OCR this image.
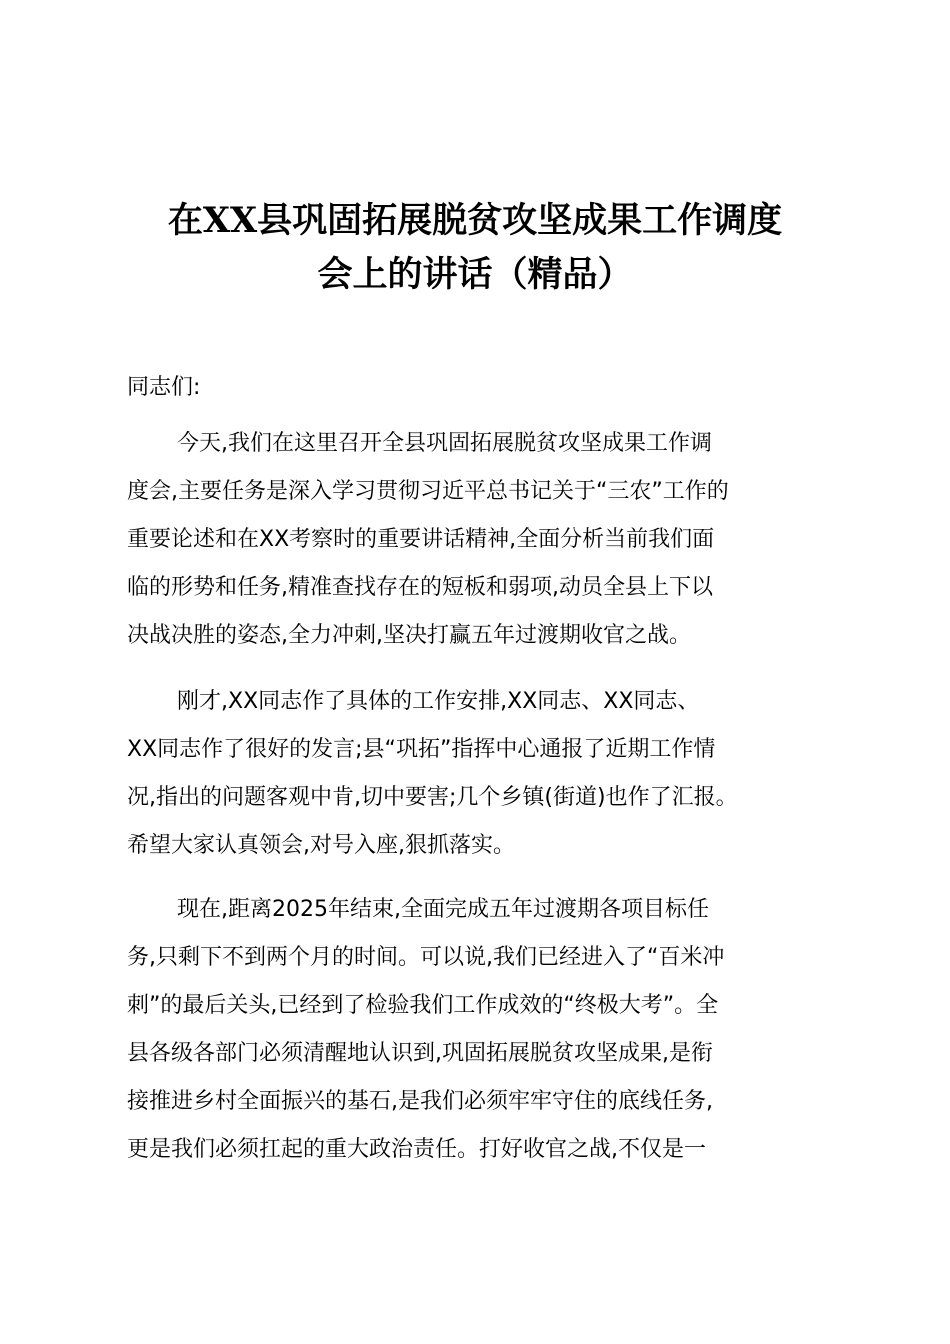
在XX县巩固拓展脱贫攻坚成果工作调度
会上的讲话（精品）
同志们:
今天,我们在这里召开全县巩固拓展脱贫攻坚成果工作调
度会,主要任务是深入学习贯彻习近平总书记关于“三农”工作的
重要论述和在XX考察时的重要讲话精神,全面分析当前我们面
临的形势和任务,精准查找存在的短板和弱项,动员全县上下以
决战决胜的姿态,全力冲刺,坚决打赢五年过渡期收官之战。
刚才,XX同志作了具体的工作安排,XX同志、XX同志、
XX同志作了很好的发言;县“巩拓”指挥中心通报了近期工作情
况,指出的问题客观中肯,切中要害;几个乡镇(街道)也作了汇报。
希望大家认真领会,对号入座,狠抓落实。
现在,距离2025年结束,全面完成五年过渡期各项目标任
务,只剩下不到两个月的时间。可以说,我们已经进入了“百米冲
刺”的最后关头,已经到了检验我们工作成效的“终极大考”。全
县各级各部门必须清醒地认识到,巩固拓展脱贫攻坚成果,是衔
接推进乡村全面振兴的基石,是我们必须牢牢守住的底线任务,
更是我们必须扛起的重大政治责任。打好收官之战,不仅是一
